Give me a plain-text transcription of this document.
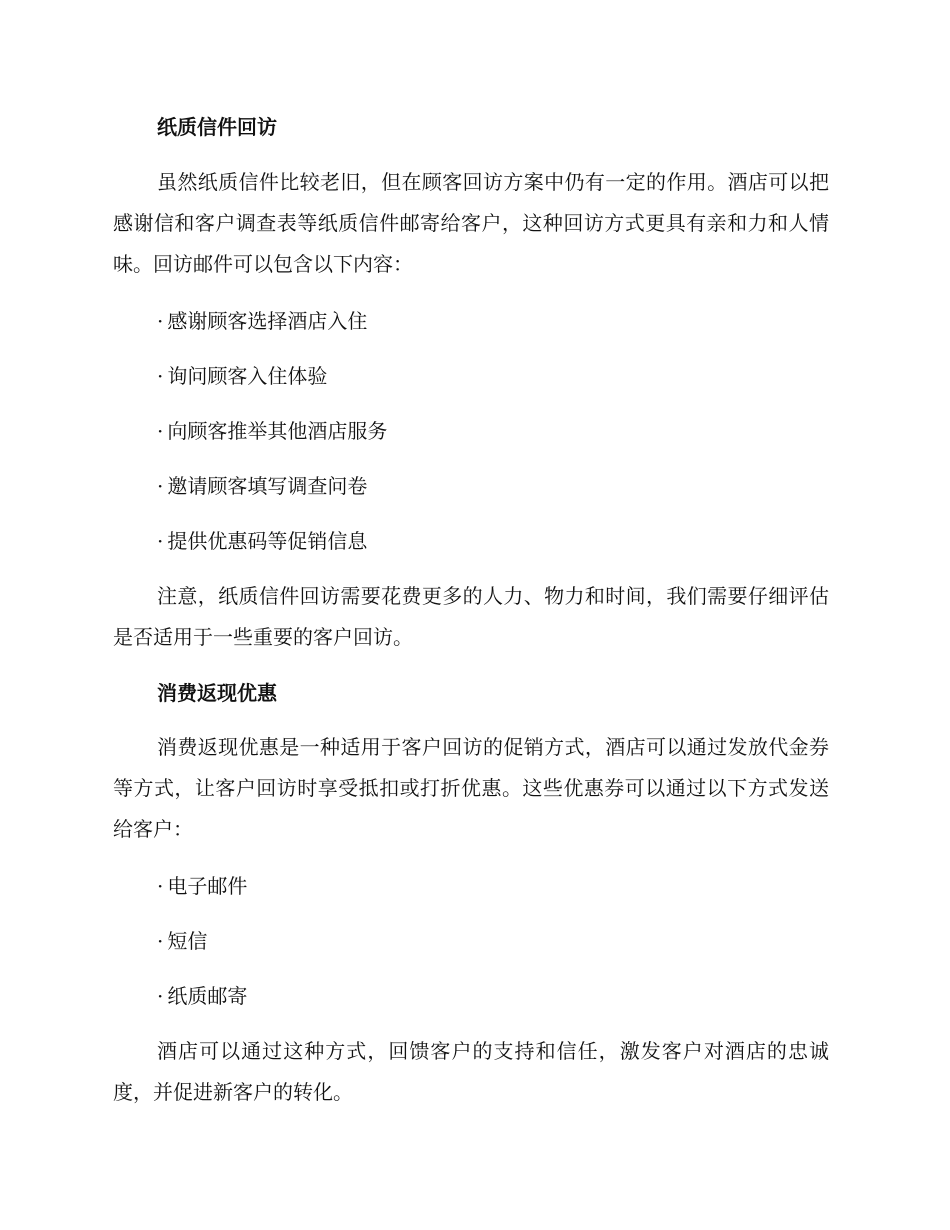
纸质信件回访
虽然纸质信件比较老旧，但在顾客回访方案中仍有一定的作用。酒店可以把感谢信和客户调查表等纸质信件邮寄给客户，这种回访方式更具有亲和力和人情味。回访邮件可以包含以下内容：
· 感谢顾客选择酒店入住
· 询问顾客入住体验
· 向顾客推举其他酒店服务
· 邀请顾客填写调查问卷
· 提供优惠码等促销信息
注意，纸质信件回访需要花费更多的人力、物力和时间，我们需要仔细评估是否适用于一些重要的客户回访。
消费返现优惠
消费返现优惠是一种适用于客户回访的促销方式，酒店可以通过发放代金券等方式，让客户回访时享受抵扣或打折优惠。这些优惠券可以通过以下方式发送给客户：
· 电子邮件
· 短信
· 纸质邮寄
酒店可以通过这种方式，回馈客户的支持和信任，激发客户对酒店的忠诚度，并促进新客户的转化。
